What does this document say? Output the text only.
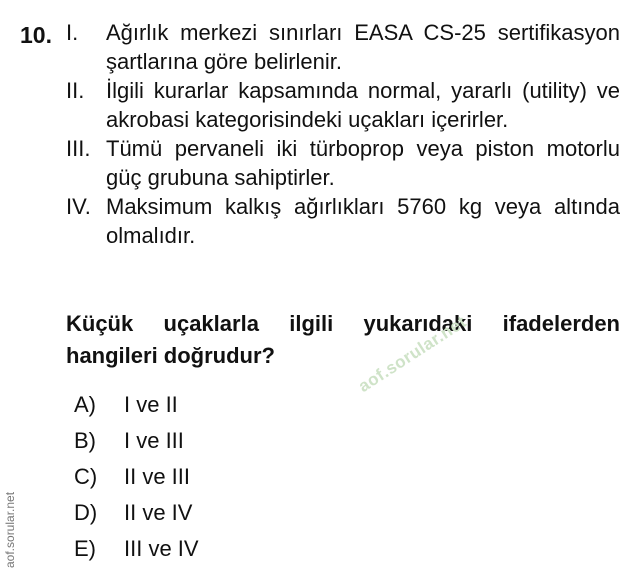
10. I.	Ağırlık merkezi sınırları EASA CS-25 sertifikasyon şartlarına göre belirlenir.
II. İlgili kurarlar kapsamında normal, yararlı (utility) ve akrobasi kategorisindeki uçakları içerirler.
III. Tümü pervaneli iki türboprop veya piston motorlu güç grubuna sahiptirler.
IV. Maksimum kalkış ağırlıkları 5760 kg veya altında olmalıdır.
Küçük uçaklarla ilgili yukarıdaki ifadelerden hangileri doğrudur?
A)	I ve II
B)	I ve III
C)	II ve III
D)	II ve IV
E)	III ve IV
aof.sorular.net
aof.sorular.net
